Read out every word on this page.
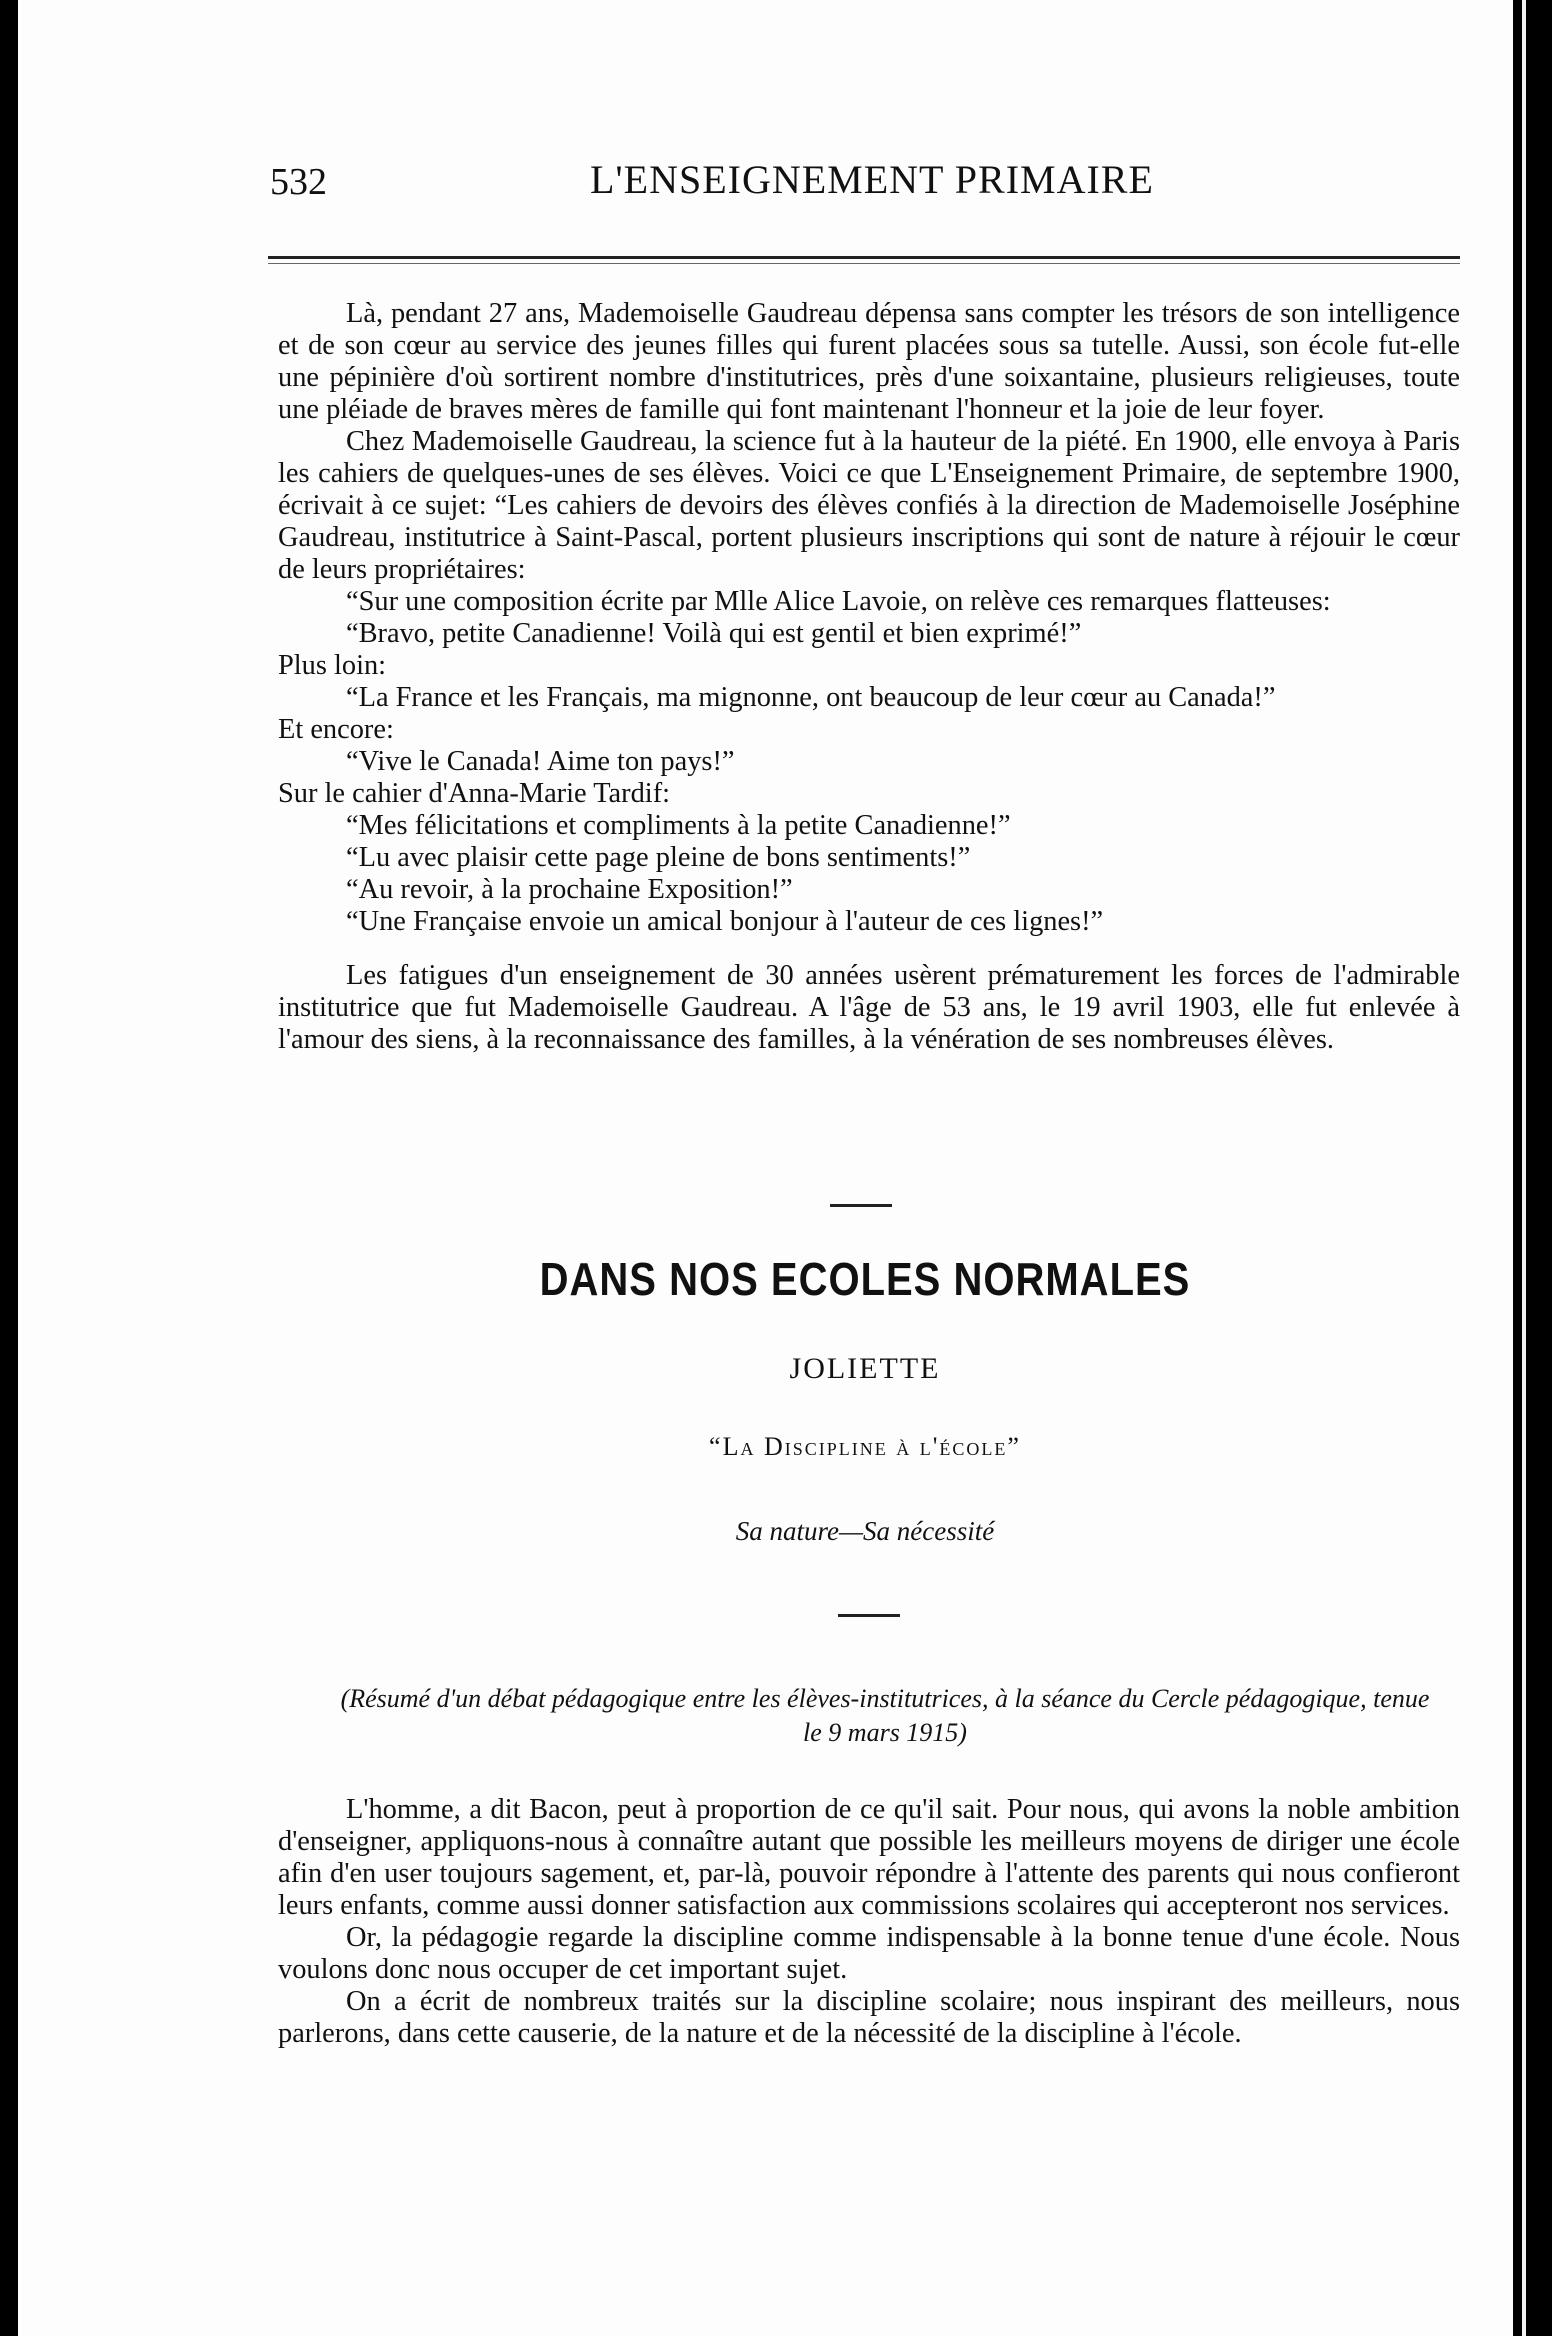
532	L'ENSEIGNEMENT PRIMAIRE

Là, pendant 27 ans, Mademoiselle Gaudreau dépensa sans compter les trésors de son intelligence et de son cœur au service des jeunes filles qui furent placées sous sa tutelle. Aussi, son école fut-elle une pépinière d'où sortirent nombre d'institutrices, près d'une soixantaine, plusieurs religieuses, toute une pléiade de braves mères de famille qui font maintenant l'honneur et la joie de leur foyer.

Chez Mademoiselle Gaudreau, la science fut à la hauteur de la piété. En 1900, elle envoya à Paris les cahiers de quelques-unes de ses élèves. Voici ce que L'Enseignement Primaire, de septembre 1900, écrivait à ce sujet: “Les cahiers de devoirs des élèves confiés à la direction de Mademoiselle Joséphine Gaudreau, institutrice à Saint-Pascal, portent plusieurs inscriptions qui sont de nature à réjouir le cœur de leurs propriétaires:

“Sur une composition écrite par Mlle Alice Lavoie, on relève ces remarques flatteuses:

“Bravo, petite Canadienne! Voilà qui est gentil et bien exprimé!”

Plus loin:

“La France et les Français, ma mignonne, ont beaucoup de leur cœur au Canada!”

Et encore:

“Vive le Canada! Aime ton pays!”

Sur le cahier d'Anna-Marie Tardif:

“Mes félicitations et compliments à la petite Canadienne!”

“Lu avec plaisir cette page pleine de bons sentiments!”

“Au revoir, à la prochaine Exposition!”

“Une Française envoie un amical bonjour à l'auteur de ces lignes!”

Les fatigues d'un enseignement de 30 années usèrent prématurement les forces de l'admirable institutrice que fut Mademoiselle Gaudreau. A l'âge de 53 ans, le 19 avril 1903, elle fut enlevée à l'amour des siens, à la reconnaissance des familles, à la vénération de ses nombreuses élèves.

DANS NOS ECOLES NORMALES
JOLIETTE
“La Discipline à l'école”
Sa nature—Sa nécessité
(Résumé d'un débat pédagogique entre les élèves-institutrices, à la séance du Cercle pédagogique, tenue le 9 mars 1915)

L'homme, a dit Bacon, peut à proportion de ce qu'il sait. Pour nous, qui avons la noble ambition d'enseigner, appliquons-nous à connaître autant que possible les meilleurs moyens de diriger une école afin d'en user toujours sagement, et, par-là, pouvoir répondre à l'attente des parents qui nous confieront leurs enfants, comme aussi donner satisfaction aux commissions scolaires qui accepteront nos services.

Or, la pédagogie regarde la discipline comme indispensable à la bonne tenue d'une école. Nous voulons donc nous occuper de cet important sujet.

On a écrit de nombreux traités sur la discipline scolaire; nous inspirant des meilleurs, nous parlerons, dans cette causerie, de la nature et de la nécessité de la discipline à l'école.
